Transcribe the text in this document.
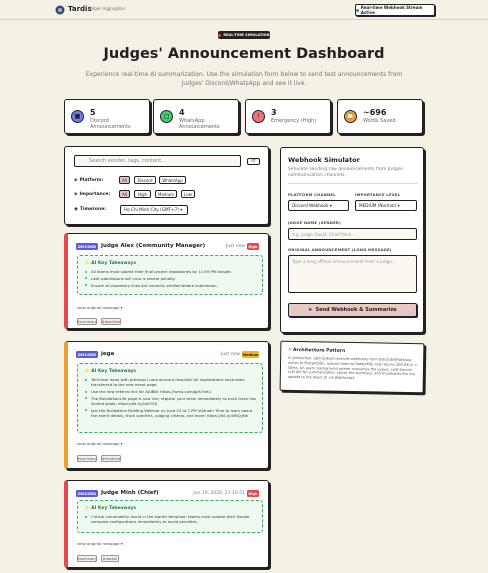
Tardis
Judges Aggregator	Real-time Webhook Stream Active
REAL-TIME SIMULATION
Judges' Announcement Dashboard
Experience real-time AI summarization. Use the simulation form below to send test announcements from Judges' Discord/WhatsApp and see it live.
■	5
Discord Announcements
□	4
WhatsApp Announcements
!	3
Emergency (High)
⌚	~696
Words Saved
Search sender, tags, content...	⟳
◈ Platform:	All	Discord	WhatsApp
◈ Importance:	All	High	Medium	Low
◉ Timezone:	Ho Chi Minh City (GMT+7) ▾
DISCORD Judge Alex (Community Manager)	Just now High
✨ AI Key Takeaways
All teams must submit their final project repositories by 11:59 PM tonight.
Late submissions will incur a severe penalty.
Ensure all repository links are correctly verified before submission.
view original message ▾
#summary #deadline
DISCORD jega	Just now Medium
✨ AI Key Takeaways
Technical issue with previous Luma account resolved; all registrations have been transferred to the new event page.
Use the new referral link for AAIBW: https://luma.com/gpf-hmt1
The BuildathonLife page is now live; register your team immediately as each track has limited spots: https://bit.ly/4vIUTQl
Join the Buildathon Briefing Webinar on June 23 at 2 PM Vietnam Time to learn about the event details, track specifics, judging criteria, and more: https://bit.ly/4fKQyNh
view original message ▾
#summary #frontend
DISCORD Judge Minh (Chief)	Jun 19, 2026, 21:10:51 High
✨ AI Key Takeaways
Critical vulnerability found in the starter template: teams must update their Docker compose configurations immediately to avoid penalties.
view original message ▾
#summary	#docker
Webhook Simulator
Simulate sending raw announcements from Judges communication channels.
PLATFORM CHANNEL
Discord Webhook ▾
IMPORTANCE LEVEL
MEDIUM (Normal) ▾
JUDGE NAME (SENDER)
e.g. Judge David, Chief Minh...
ORIGINAL ANNOUNCEMENT (LONG MESSAGE)
Type a long official announcement from a judge...
➤ Send Webhook & Summarize
⚡ Architecture Pattern
In production, Spring Boot receives webhooks from Discord/WhatsApp, writes to PostgreSQL, queues them to RabbitMQ, and returns 200 OK in < 50ms. An async background worker consumes the queue, calls Gemini LLM API for summarization, stores the summary, and broadcasts the live update to the React UI via WebSocket.
